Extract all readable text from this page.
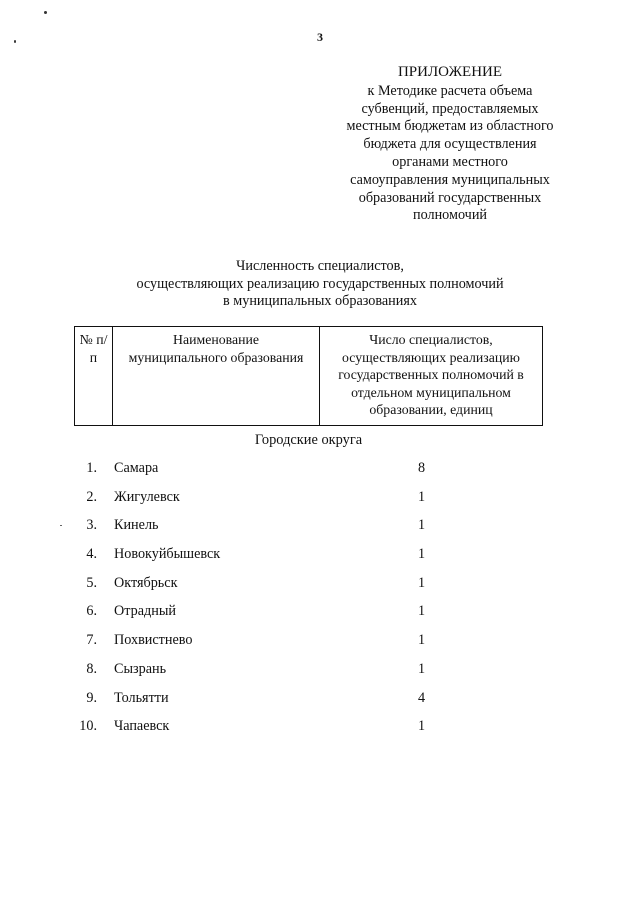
3
ПРИЛОЖЕНИЕ
к Методике расчета объема
субвенций, предоставляемых
местным бюджетам из областного
бюджета для осуществления
органами местного
самоуправления муниципальных
образований государственных
полномочий
Численность специалистов,
осуществляющих реализацию государственных полномочий
в муниципальных образованиях
№ п/п	Наименование муниципального образования	Число специалистов, осуществляющих реализацию государственных полномочий в отдельном муниципальном образовании, единиц
Городские округа
1. Самара	8
2. Жигулевск	1
3. Кинель	1
4. Новокуйбышевск	1
5. Октябрьск	1
6. Отрадный	1
7. Похвистнево	1
8. Сызрань	1
9. Тольятти	4
10. Чапаевск	1
